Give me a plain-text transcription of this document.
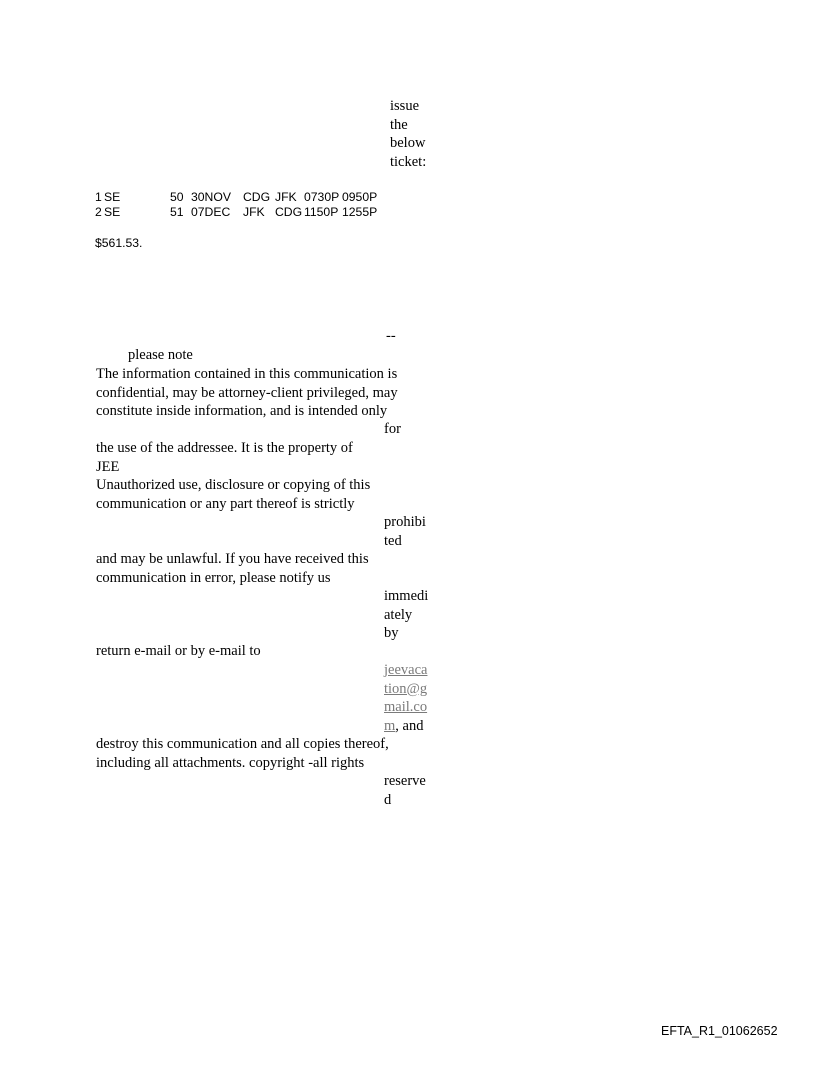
issue
the
below
ticket:
1 SE	50 30NOV CDG JFK 0730P 0950P
2 SE	51 07DEC JFK CDG 1150P 1255P
$561.53.
--
please note
The information contained in this communication is
confidential, may be attorney-client privileged, may
constitute inside information, and is intended only
for
the use of the addressee. It is the property of
JEE
Unauthorized use, disclosure or copying of this
communication or any part thereof is strictly
prohibi
ted
and may be unlawful. If you have received this
communication in error, please notify us
immedi
ately
by
return e-mail or by e-mail to
jeevaca
tion@g
mail.co
m, and
destroy this communication and all copies thereof,
including all attachments. copyright -all rights
reserve
d
EFTA_R1_01062652
